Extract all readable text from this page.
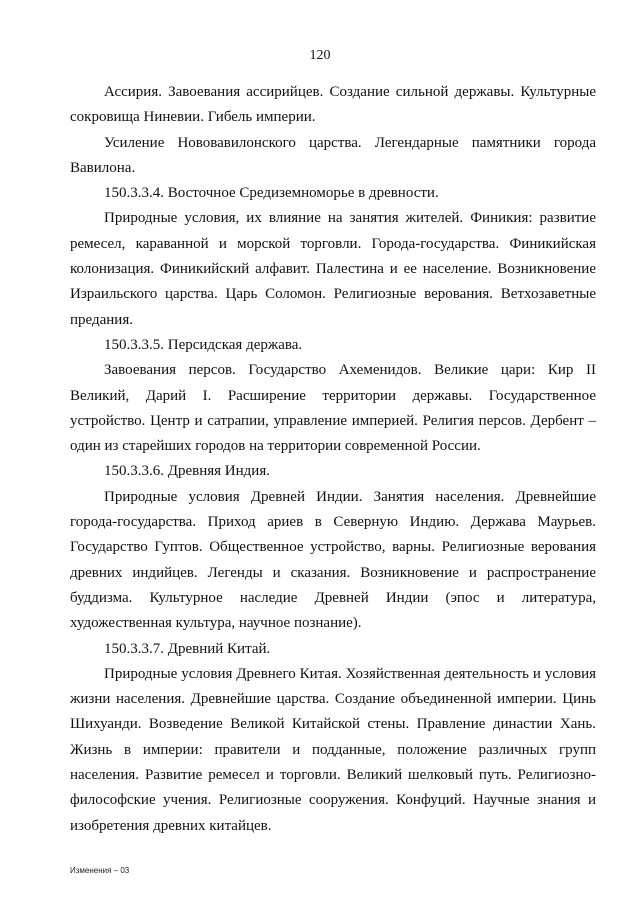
120

Ассирия. Завоевания ассирийцев. Создание сильной державы. Культурные сокровища Ниневии. Гибель империи.

Усиление Нововавилонского царства. Легендарные памятники города Вавилона.

150.3.3.4. Восточное Средиземноморье в древности.

Природные условия, их влияние на занятия жителей. Финикия: развитие ремесел, караванной и морской торговли. Города-государства. Финикийская колонизация. Финикийский алфавит. Палестина и ее население. Возникновение Израильского царства. Царь Соломон. Религиозные верования. Ветхозаветные предания.

150.3.3.5. Персидская держава.

Завоевания персов. Государство Ахеменидов. Великие цари: Кир II Великий, Дарий I. Расширение территории державы. Государственное устройство. Центр и сатрапии, управление империей. Религия персов. Дербент – один из старейших городов на территории современной России.

150.3.3.6. Древняя Индия.

Природные условия Древней Индии. Занятия населения. Древнейшие города-государства. Приход ариев в Северную Индию. Держава Маурьев. Государство Гуптов. Общественное устройство, варны. Религиозные верования древних индийцев. Легенды и сказания. Возникновение и распространение буддизма. Культурное наследие Древней Индии (эпос и литература, художественная культура, научное познание).

150.3.3.7. Древний Китай.

Природные условия Древнего Китая. Хозяйственная деятельность и условия жизни населения. Древнейшие царства. Создание объединенной империи. Цинь Шихуанди. Возведение Великой Китайской стены. Правление династии Хань. Жизнь в империи: правители и подданные, положение различных групп населения. Развитие ремесел и торговли. Великий шелковый путь. Религиозно-философские учения. Религиозные сооружения. Конфуций. Научные знания и изобретения древних китайцев.

Изменения – 03
